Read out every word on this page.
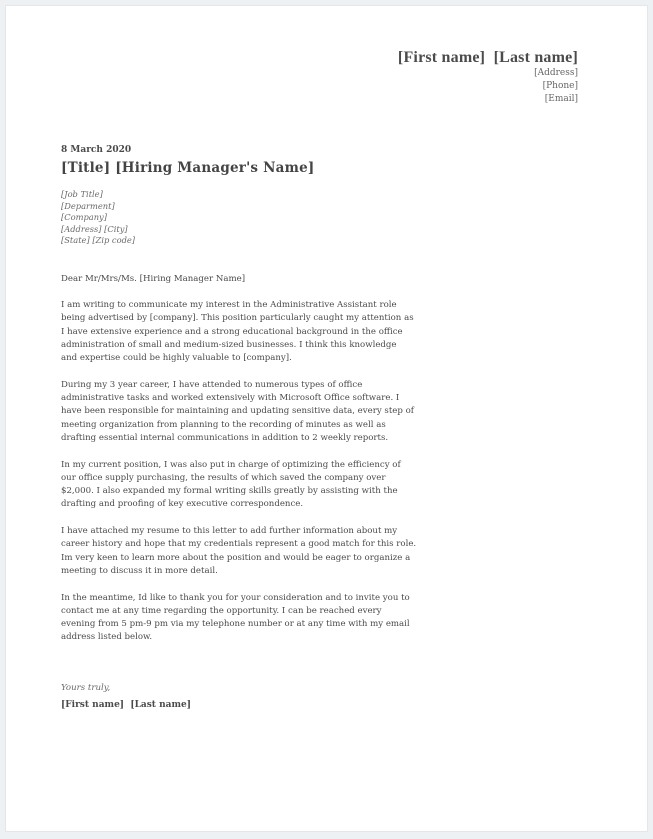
[First name]  [Last name]
[Address]
[Phone]
[Email]
8 March 2020
[Title] [Hiring Manager's Name]
[Job Title]
[Deparment]
[Company]
[Address] [City]
[State] [Zip code]
Dear Mr/Mrs/Ms. [Hiring Manager Name]

I am writing to communicate my interest in the Administrative Assistant role
being advertised by [company]. This position particularly caught my attention as
I have extensive experience and a strong educational background in the office
administration of small and medium-sized businesses. I think this knowledge
and expertise could be highly valuable to [company].

During my 3 year career, I have attended to numerous types of office
administrative tasks and worked extensively with Microsoft Office software. I
have been responsible for maintaining and updating sensitive data, every step of
meeting organization from planning to the recording of minutes as well as
drafting essential internal communications in addition to 2 weekly reports.

In my current position, I was also put in charge of optimizing the efficiency of
our office supply purchasing, the results of which saved the company over
$2,000. I also expanded my formal writing skills greatly by assisting with the
drafting and proofing of key executive correspondence.

I have attached my resume to this letter to add further information about my
career history and hope that my credentials represent a good match for this role.
Im very keen to learn more about the position and would be eager to organize a
meeting to discuss it in more detail.

In the meantime, Id like to thank you for your consideration and to invite you to
contact me at any time regarding the opportunity. I can be reached every
evening from 5 pm-9 pm via my telephone number or at any time with my email
address listed below.

Yours truly,
[First name]  [Last name]
